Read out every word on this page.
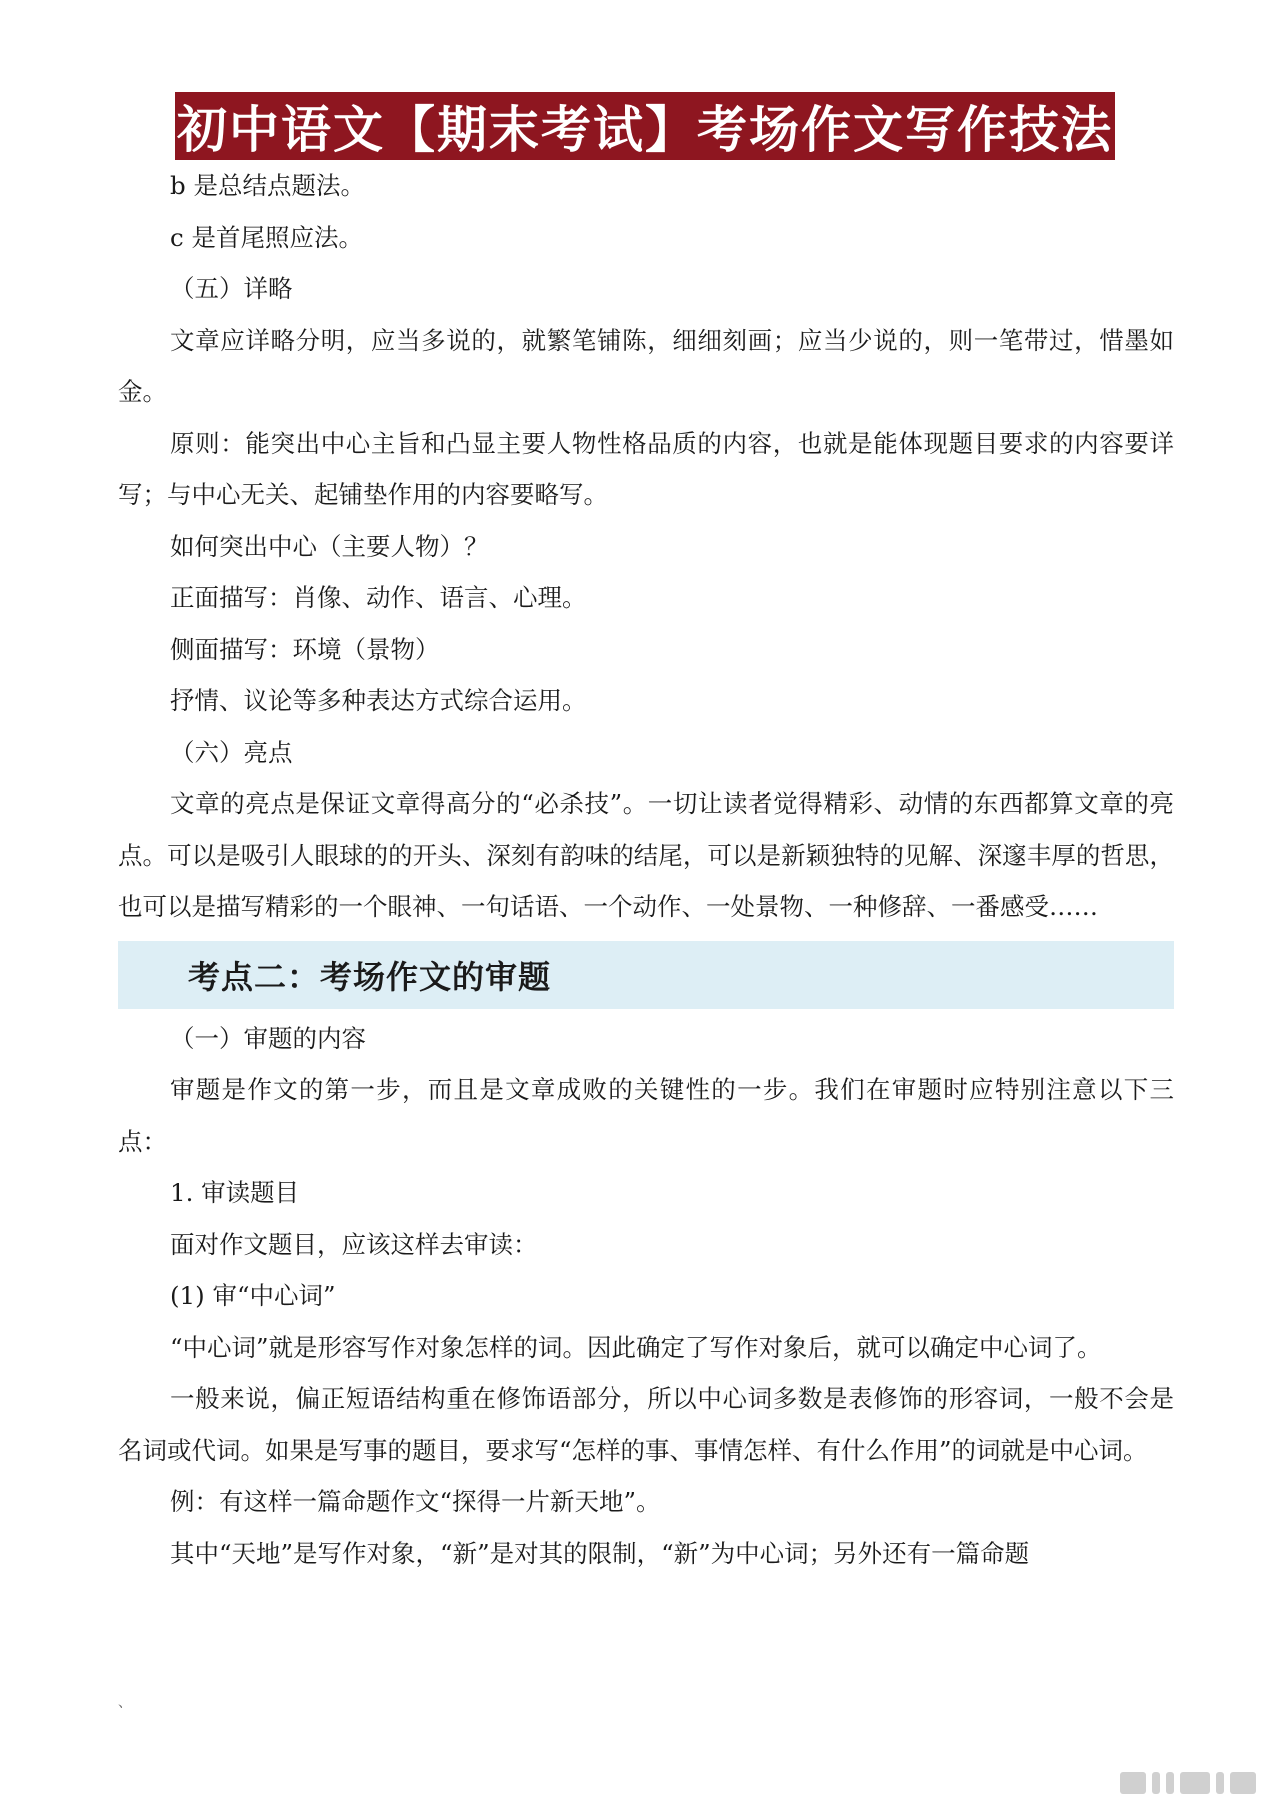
初中语文【期末考试】考场作文写作技法

b 是总结点题法。

c 是首尾照应法。

（五）详略

文章应详略分明，应当多说的，就繁笔铺陈，细细刻画；应当少说的，则一笔带过，惜墨如金。

原则：能突出中心主旨和凸显主要人物性格品质的内容，也就是能体现题目要求的内容要详写；与中心无关、起铺垫作用的内容要略写。

如何突出中心（主要人物）？

正面描写：肖像、动作、语言、心理。

侧面描写：环境（景物）

抒情、议论等多种表达方式综合运用。

（六）亮点

文章的亮点是保证文章得高分的“必杀技”。一切让读者觉得精彩、动情的东西都算文章的亮点。可以是吸引人眼球的的开头、深刻有韵味的结尾，可以是新颖独特的见解、深邃丰厚的哲思，也可以是描写精彩的一个眼神、一句话语、一个动作、一处景物、一种修辞、一番感受……

考点二：考场作文的审题

（一）审题的内容

审题是作文的第一步，而且是文章成败的关键性的一步。我们在审题时应特别注意以下三点：

1. 审读题目

面对作文题目，应该这样去审读：

(1) 审“中心词”

“中心词”就是形容写作对象怎样的词。因此确定了写作对象后，就可以确定中心词了。

一般来说，偏正短语结构重在修饰语部分，所以中心词多数是表修饰的形容词，一般不会是名词或代词。如果是写事的题目，要求写“怎样的事、事情怎样、有什么作用”的词就是中心词。

例：有这样一篇命题作文“探得一片新天地”。

其中“天地”是写作对象，“新”是对其的限制，“新”为中心词；另外还有一篇命题

、
